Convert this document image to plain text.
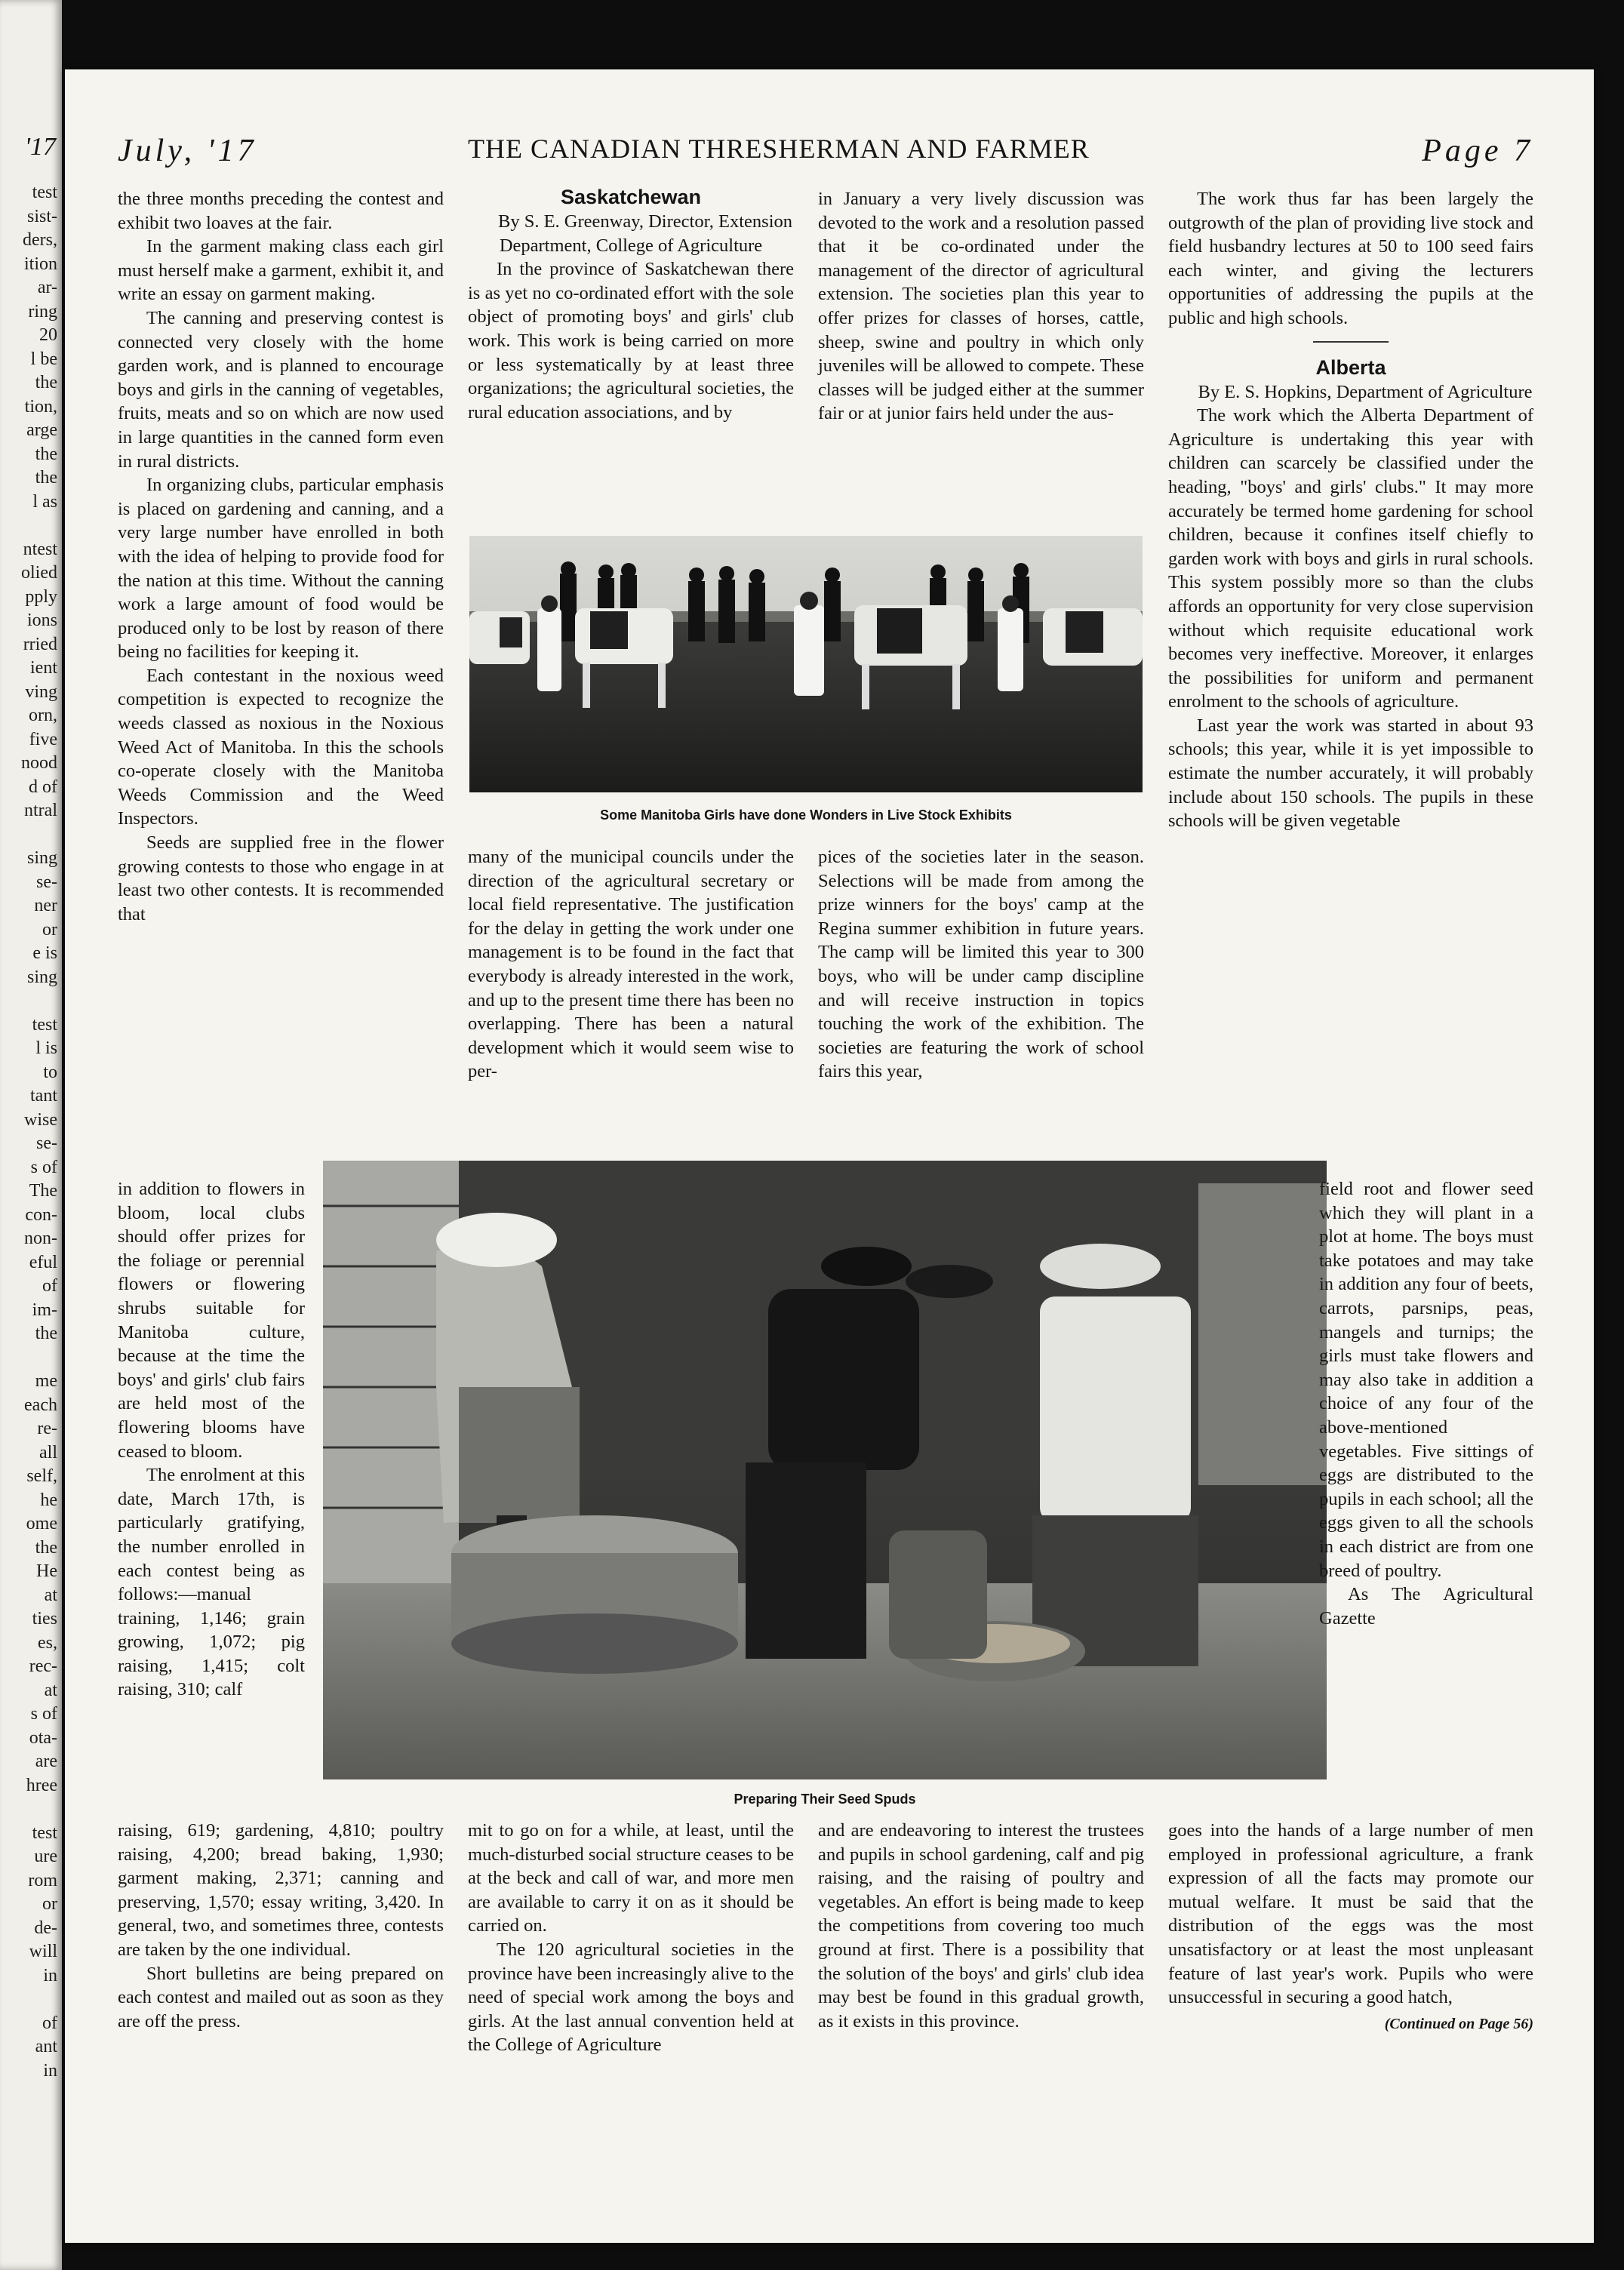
'17
test
sist-
ders,
ition
ar-
ring
20
l be
the
tion,
arge
the
the
l as
ntest
olied
pply
ions
rried
ient
ving
orn,
five
nood
d of
ntral
sing
se-
ner
or
e is
sing
test
l is
to
tant
wise
se-
s of
The
con-
non-
eful
of
im-
the
me
each
re-
all
self,
he
ome
the
He
at
ties
es,
rec-
at
s of
ota-
are
hree
test
ure
rom
or
de-
will
in
of
ant
in
July, '17	THE CANADIAN THRESHERMAN AND FARMER	Page 7

the three months preceding the contest and exhibit two loaves at the fair.

In the garment making class each girl must herself make a garment, exhibit it, and write an essay on garment making.

The canning and preserving contest is connected very closely with the home garden work, and is planned to encourage boys and girls in the canning of vegetables, fruits, meats and so on which are now used in large quantities in the canned form even in rural districts.

In organizing clubs, particular emphasis is placed on gardening and canning, and a very large number have enrolled in both with the idea of helping to provide food for the nation at this time. Without the canning work a large amount of food would be produced only to be lost by reason of there being no facilities for keeping it.

Each contestant in the noxious weed competition is expected to recognize the weeds classed as noxious in the Noxious Weed Act of Manitoba. In this the schools co-operate closely with the Manitoba Weeds Commission and the Weed Inspectors.

Seeds are supplied free in the flower growing contests to those who engage in at least two other contests. It is recommended that

in addition to flowers in bloom, local clubs should offer prizes for the foliage or perennial flowers or flowering shrubs suitable for Manitoba culture, because at the time the boys' and girls' club fairs are held most of the flowering blooms have ceased to bloom.

The enrolment at this date, March 17th, is particularly gratifying, the number enrolled in each contest being as follows:—manual training, 1,146; grain growing, 1,072; pig raising, 1,415; colt raising, 310; calf

raising, 619; gardening, 4,810; poultry raising, 4,200; bread baking, 1,930; garment making, 2,371; canning and preserving, 1,570; essay writing, 3,420. In general, two, and sometimes three, contests are taken by the one individual.

Short bulletins are being prepared on each contest and mailed out as soon as they are off the press.

Saskatchewan

By S. E. Greenway, Director, Extension Department, College of Agriculture

In the province of Saskatchewan there is as yet no co-ordinated effort with the sole object of promoting boys' and girls' club work. This work is being carried on more or less systematically by at least three organizations; the agricultural societies, the rural education associations, and by

in January a very lively discussion was devoted to the work and a resolution passed that it be co-ordinated under the management of the director of agricultural extension. The societies plan this year to offer prizes for classes of horses, cattle, sheep, swine and poultry in which only juveniles will be allowed to compete. These classes will be judged either at the summer fair or at junior fairs held under the aus-

Some Manitoba Girls have done Wonders in Live Stock Exhibits

many of the municipal councils under the direction of the agricultural secretary or local field representative. The justification for the delay in getting the work under one management is to be found in the fact that everybody is already interested in the work, and up to the present time there has been no overlapping. There has been a natural development which it would seem wise to per-

pices of the societies later in the season. Selections will be made from among the prize winners for the boys' camp at the Regina summer exhibition in future years. The camp will be limited this year to 300 boys, who will be under camp discipline and will receive instruction in topics touching the work of the exhibition. The societies are featuring the work of school fairs this year,

Preparing Their Seed Spuds

mit to go on for a while, at least, until the much-disturbed social structure ceases to be at the beck and call of war, and more men are available to carry it on as it should be carried on.

The 120 agricultural societies in the province have been increasingly alive to the need of special work among the boys and girls. At the last annual convention held at the College of Agriculture

and are endeavoring to interest the trustees and pupils in school gardening, calf and pig raising, and the raising of poultry and vegetables. An effort is being made to keep the competitions from covering too much ground at first. There is a possibility that the solution of the boys' and girls' club idea may best be found in this gradual growth, as it exists in this province.

The work thus far has been largely the outgrowth of the plan of providing live stock and field husbandry lectures at 50 to 100 seed fairs each winter, and giving the lecturers opportunities of addressing the pupils at the public and high schools.

Alberta

By E. S. Hopkins, Department of Agriculture

The work which the Alberta Department of Agriculture is undertaking this year with children can scarcely be classified under the heading, "boys' and girls' clubs." It may more accurately be termed home gardening for school children, because it confines itself chiefly to garden work with boys and girls in rural schools. This system possibly more so than the clubs affords an opportunity for very close supervision without which requisite educational work becomes very ineffective. Moreover, it enlarges the possibilities for uniform and permanent enrolment to the schools of agriculture.

Last year the work was started in about 93 schools; this year, while it is yet impossible to estimate the number accurately, it will probably include about 150 schools. The pupils in these schools will be given vegetable

field root and flower seed which they will plant in a plot at home. The boys must take potatoes and may take in addition any four of beets, carrots, parsnips, peas, mangels and turnips; the girls must take flowers and may also take in addition a choice of any four of the above-mentioned vegetables. Five sittings of eggs are distributed to the pupils in each school; all the eggs given to all the schools in each district are from one breed of poultry.

As The Agricultural Gazette

goes into the hands of a large number of men employed in professional agriculture, a frank expression of all the facts may promote our mutual welfare. It must be said that the distribution of the eggs was the most unsatisfactory or at least the most unpleasant feature of last year's work. Pupils who were unsuccessful in securing a good hatch,

(Continued on Page 56)
